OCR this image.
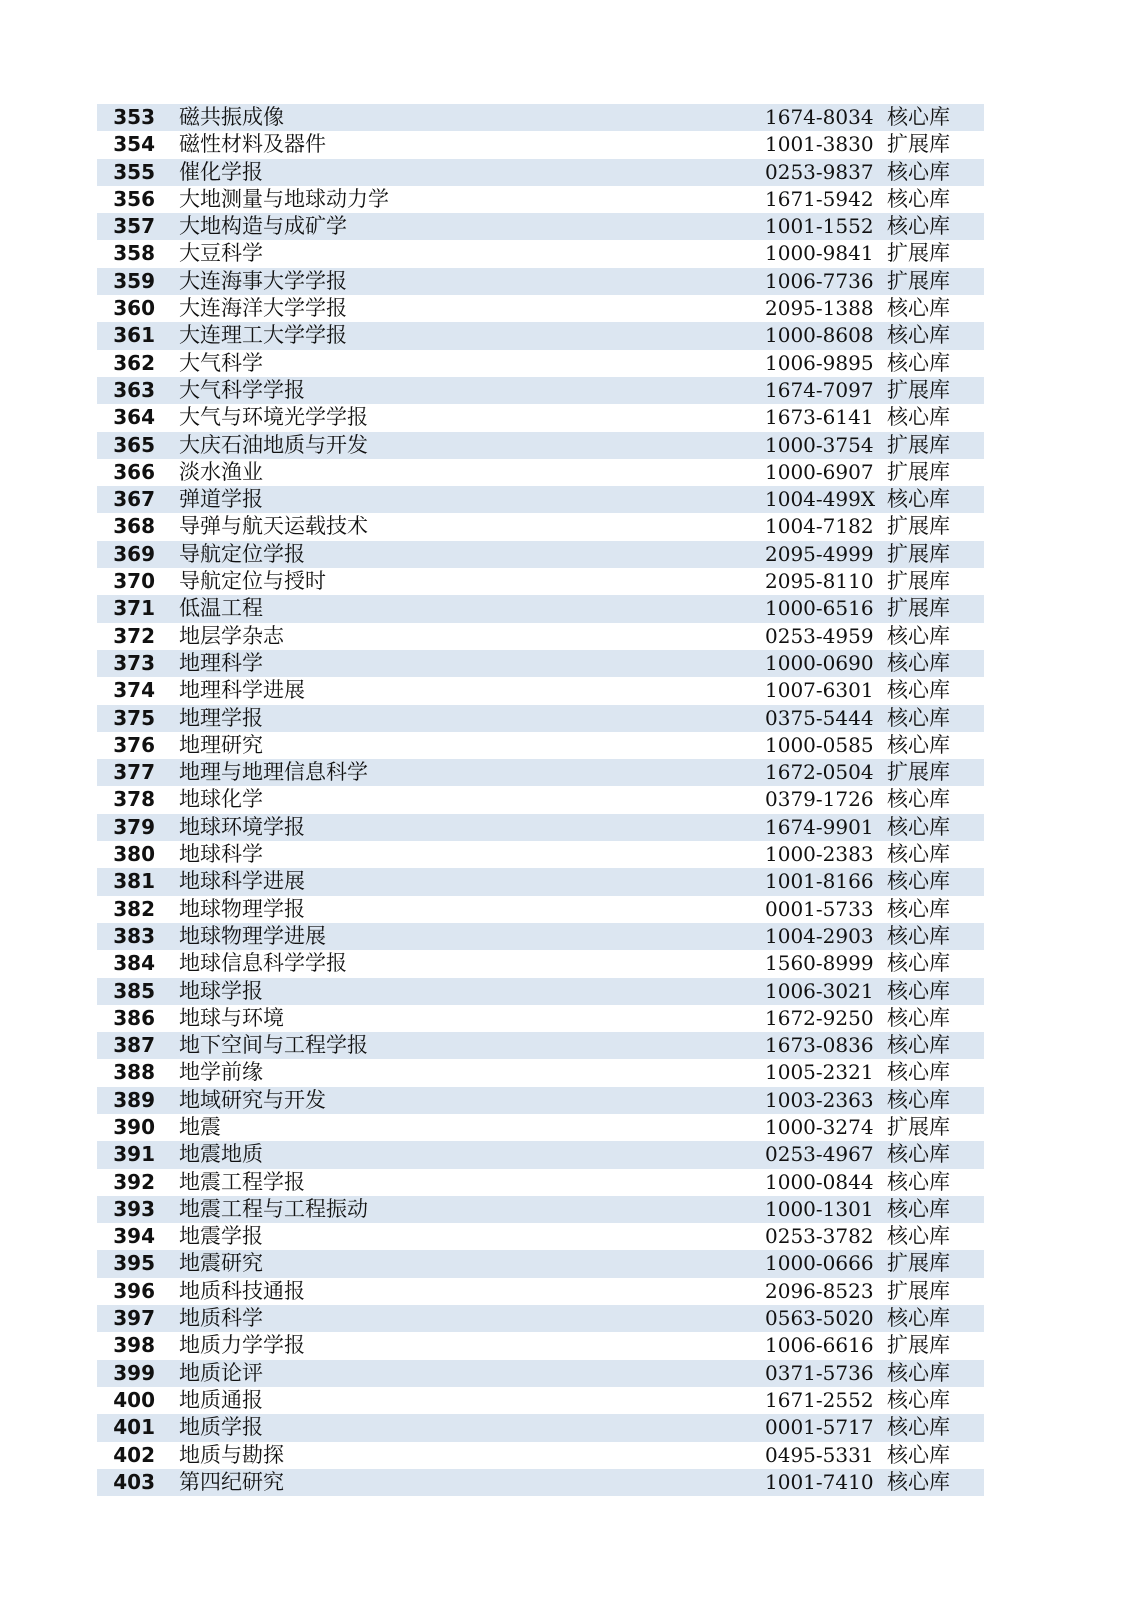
353	磁共振成像	1674-8034 核心库
354	磁性材料及器件	1001-3830 扩展库
355	催化学报	0253-9837 核心库
356	大地测量与地球动力学	1671-5942 核心库
357	大地构造与成矿学	1001-1552 核心库
358	大豆科学	1000-9841 扩展库
359	大连海事大学学报	1006-7736 扩展库
360	大连海洋大学学报	2095-1388 核心库
361	大连理工大学学报	1000-8608 核心库
362	大气科学	1006-9895 核心库
363	大气科学学报	1674-7097 扩展库
364	大气与环境光学学报	1673-6141 核心库
365	大庆石油地质与开发	1000-3754 扩展库
366	淡水渔业	1000-6907 扩展库
367	弹道学报	1004-499X 核心库
368	导弹与航天运载技术	1004-7182 扩展库
369	导航定位学报	2095-4999 扩展库
370	导航定位与授时	2095-8110 扩展库
371	低温工程	1000-6516 扩展库
372	地层学杂志	0253-4959 核心库
373	地理科学	1000-0690 核心库
374	地理科学进展	1007-6301 核心库
375	地理学报	0375-5444 核心库
376	地理研究	1000-0585 核心库
377	地理与地理信息科学	1672-0504 扩展库
378	地球化学	0379-1726 核心库
379	地球环境学报	1674-9901 核心库
380	地球科学	1000-2383 核心库
381	地球科学进展	1001-8166 核心库
382	地球物理学报	0001-5733 核心库
383	地球物理学进展	1004-2903 核心库
384	地球信息科学学报	1560-8999 核心库
385	地球学报	1006-3021 核心库
386	地球与环境	1672-9250 核心库
387	地下空间与工程学报	1673-0836 核心库
388	地学前缘	1005-2321 核心库
389	地域研究与开发	1003-2363 核心库
390	地震	1000-3274 扩展库
391	地震地质	0253-4967 核心库
392	地震工程学报	1000-0844 核心库
393	地震工程与工程振动	1000-1301 核心库
394	地震学报	0253-3782 核心库
395	地震研究	1000-0666 扩展库
396	地质科技通报	2096-8523 扩展库
397	地质科学	0563-5020 核心库
398	地质力学学报	1006-6616 扩展库
399	地质论评	0371-5736 核心库
400	地质通报	1671-2552 核心库
401	地质学报	0001-5717 核心库
402	地质与勘探	0495-5331 核心库
403	第四纪研究	1001-7410 核心库
